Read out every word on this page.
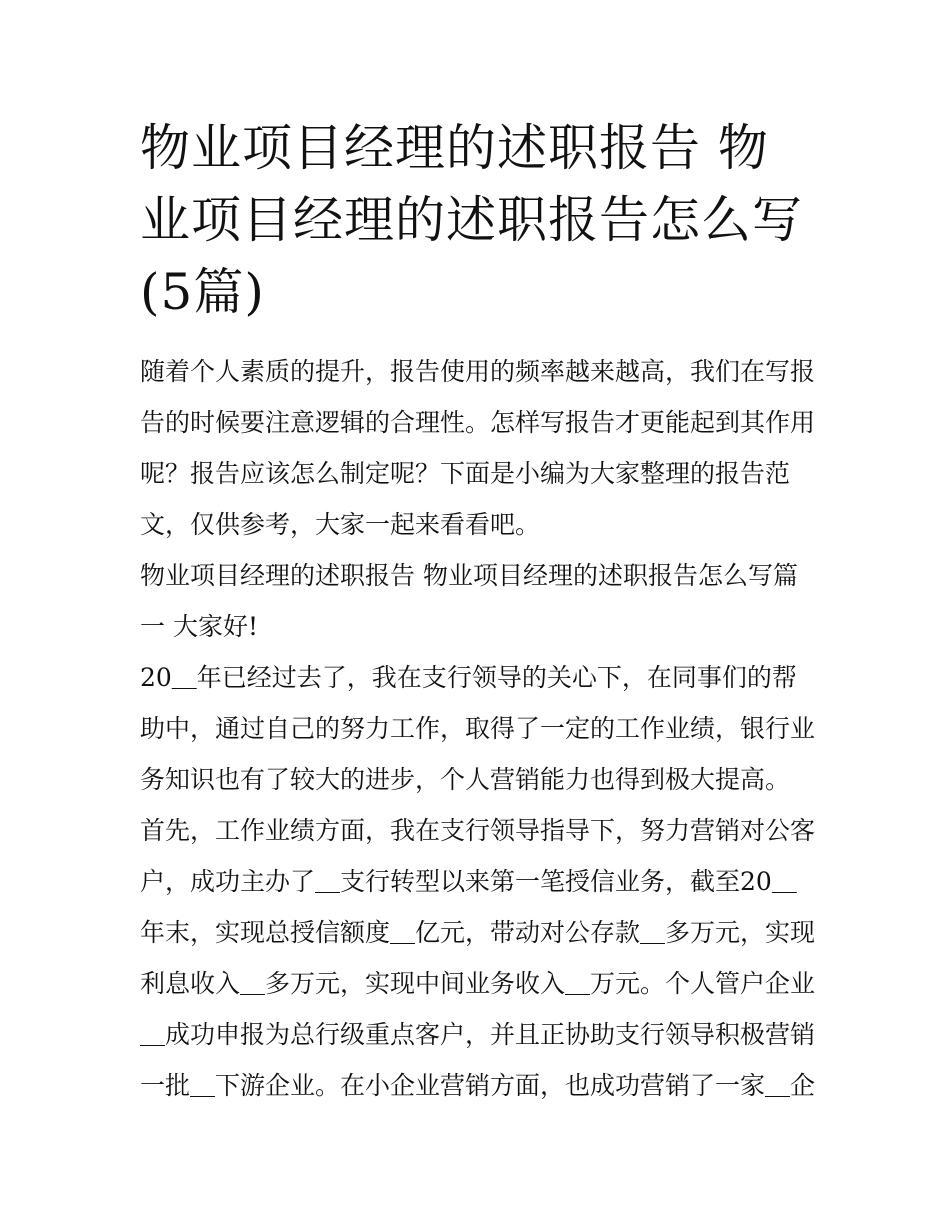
物业项目经理的述职报告 物业项目经理的述职报告怎么写(5篇)

随着个人素质的提升，报告使用的频率越来越高，我们在写报告的时候要注意逻辑的合理性。怎样写报告才更能起到其作用呢？报告应该怎么制定呢？下面是小编为大家整理的报告范文，仅供参考，大家一起来看看吧。

物业项目经理的述职报告 物业项目经理的述职报告怎么写篇一 大家好!

20＿年已经过去了，我在支行领导的关心下，在同事们的帮助中，通过自己的努力工作，取得了一定的工作业绩，银行业务知识也有了较大的进步，个人营销能力也得到极大提高。

首先，工作业绩方面，我在支行领导指导下，努力营销对公客户，成功主办了＿支行转型以来第一笔授信业务，截至20＿年末，实现总授信额度＿亿元，带动对公存款＿多万元，实现利息收入＿多万元，实现中间业务收入＿万元。个人管户企业＿成功申报为总行级重点客户，并且正协助支行领导积极营销一批＿下游企业。在小企业营销方面，也成功营销了一家＿企
